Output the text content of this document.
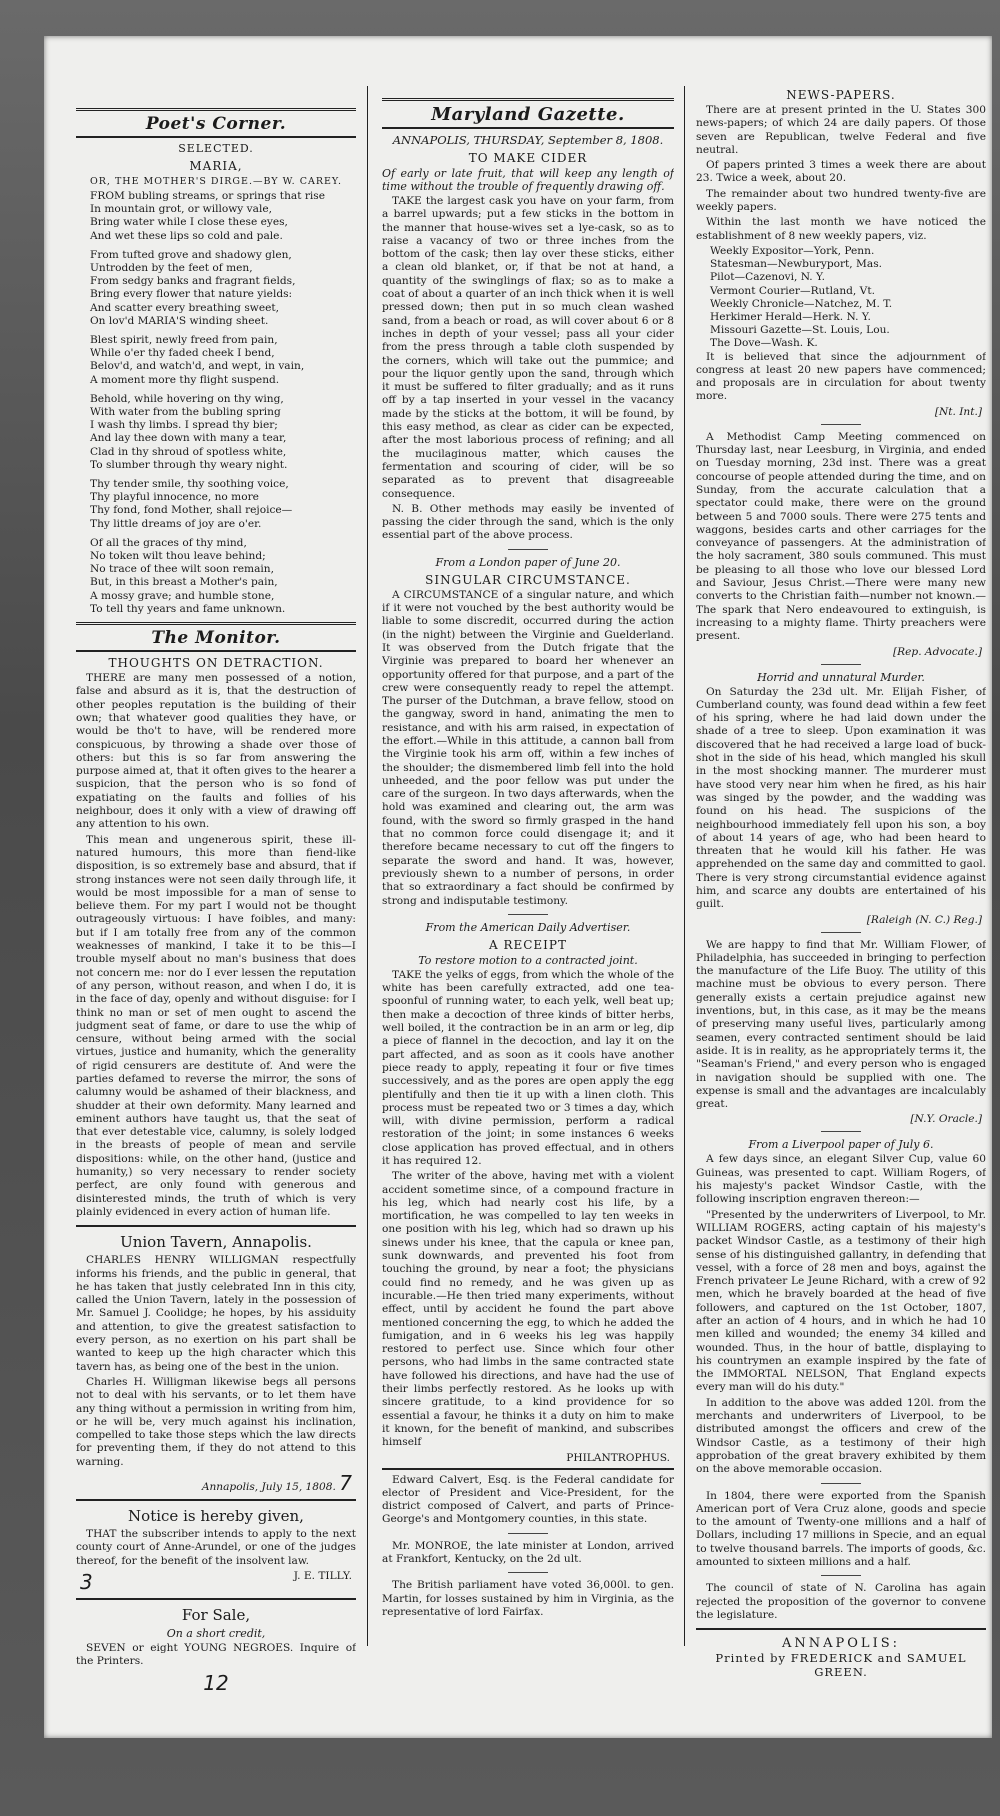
Poet's Corner.
SELECTED.
MARIA,
OR, THE MOTHER'S DIRGE.—BY W. CAREY.

FROM bubling streams, or springs that rise

In mountain grot, or willowy vale,

Bring water while I close these eyes,

And wet these lips so cold and pale.

From tufted grove and shadowy glen,

Untrodden by the feet of men,

From sedgy banks and fragrant fields,

Bring every flower that nature yields:

And scatter every breathing sweet,

On lov'd MARIA'S winding sheet.

Blest spirit, newly freed from pain,

While o'er thy faded cheek I bend,

Belov'd, and watch'd, and wept, in vain,

A moment more thy flight suspend.

Behold, while hovering on thy wing,

With water from the bubling spring

I wash thy limbs. I spread thy bier;

And lay thee down with many a tear,

Clad in thy shroud of spotless white,

To slumber through thy weary night.

Thy tender smile, thy soothing voice,

Thy playful innocence, no more

Thy fond, fond Mother, shall rejoice—

Thy little dreams of joy are o'er.

Of all the graces of thy mind,

No token wilt thou leave behind;

No trace of thee wilt soon remain,

But, in this breast a Mother's pain,

A mossy grave; and humble stone,

To tell thy years and fame unknown.

The Monitor.
THOUGHTS ON DETRACTION.

THERE are many men possessed of a notion, false and absurd as it is, that the destruction of other peoples reputation is the building of their own; that whatever good qualities they have, or would be tho't to have, will be rendered more conspicuous, by throwing a shade over those of others: but this is so far from answering the purpose aimed at, that it often gives to the hearer a suspicion, that the person who is so fond of expatiating on the faults and follies of his neighbour, does it only with a view of drawing off any attention to his own.

This mean and ungenerous spirit, these ill-natured humours, this more than fiend-like disposition, is so extremely base and absurd, that if strong instances were not seen daily through life, it would be most impossible for a man of sense to believe them. For my part I would not be thought outrageously virtuous: I have foibles, and many: but if I am totally free from any of the common weaknesses of mankind, I take it to be this—I trouble myself about no man's business that does not concern me: nor do I ever lessen the reputation of any person, without reason, and when I do, it is in the face of day, openly and without disguise: for I think no man or set of men ought to ascend the judgment seat of fame, or dare to use the whip of censure, without being armed with the social virtues, justice and humanity, which the generality of rigid censurers are destitute of. And were the parties defamed to reverse the mirror, the sons of calumny would be ashamed of their blackness, and shudder at their own deformity. Many learned and eminent authors have taught us, that the seat of that ever detestable vice, calumny, is solely lodged in the breasts of people of mean and servile dispositions: while, on the other hand, (justice and humanity,) so very necessary to render society perfect, are only found with generous and disinterested minds, the truth of which is very plainly evidenced in every action of human life.

Union Tavern, Annapolis.

CHARLES HENRY WILLIGMAN respectfully informs his friends, and the public in general, that he has taken that justly celebrated Inn in this city, called the Union Tavern, lately in the possession of Mr. Samuel J. Coolidge; he hopes, by his assiduity and attention, to give the greatest satisfaction to every person, as no exertion on his part shall be wanted to keep up the high character which this tavern has, as being one of the best in the union.

Charles H. Willigman likewise begs all persons not to deal with his servants, or to let them have any thing without a permission in writing from him, or he will be, very much against his inclination, compelled to take those steps which the law directs for preventing them, if they do not attend to this warning.

Annapolis, July 15, 1808. 7
Notice is hereby given,

THAT the subscriber intends to apply to the next county court of Anne-Arundel, or one of the judges thereof, for the benefit of the insolvent law.

3	J. E. TILLY.
For Sale,
On a short credit,

SEVEN or eight YOUNG NEGROES. Inquire of the Printers.

12
Maryland Gazette.
ANNAPOLIS, THURSDAY, September 8, 1808.
TO MAKE CIDER
Of early or late fruit, that will keep any length of time without the trouble of frequently drawing off.

TAKE the largest cask you have on your farm, from a barrel upwards; put a few sticks in the bottom in the manner that house-wives set a lye-cask, so as to raise a vacancy of two or three inches from the bottom of the cask; then lay over these sticks, either a clean old blanket, or, if that be not at hand, a quantity of the swinglings of flax; so as to make a coat of about a quarter of an inch thick when it is well pressed down; then put in so much clean washed sand, from a beach or road, as will cover about 6 or 8 inches in depth of your vessel; pass all your cider from the press through a table cloth suspended by the corners, which will take out the pummice; and pour the liquor gently upon the sand, through which it must be suffered to filter gradually; and as it runs off by a tap inserted in your vessel in the vacancy made by the sticks at the bottom, it will be found, by this easy method, as clear as cider can be expected, after the most laborious process of refining; and all the mucilaginous matter, which causes the fermentation and scouring of cider, will be so separated as to prevent that disagreeable consequence.

N. B. Other methods may easily be invented of passing the cider through the sand, which is the only essential part of the above process.

From a London paper of June 20.
SINGULAR CIRCUMSTANCE.

A CIRCUMSTANCE of a singular nature, and which if it were not vouched by the best authority would be liable to some discredit, occurred during the action (in the night) between the Virginie and Guelderland. It was observed from the Dutch frigate that the Virginie was prepared to board her whenever an opportunity offered for that purpose, and a part of the crew were consequently ready to repel the attempt. The purser of the Dutchman, a brave fellow, stood on the gangway, sword in hand, animating the men to resistance, and with his arm raised, in expectation of the effort.—While in this attitude, a cannon ball from the Virginie took his arm off, within a few inches of the shoulder; the dismembered limb fell into the hold unheeded, and the poor fellow was put under the care of the surgeon. In two days afterwards, when the hold was examined and clearing out, the arm was found, with the sword so firmly grasped in the hand that no common force could disengage it; and it therefore became necessary to cut off the fingers to separate the sword and hand. It was, however, previously shewn to a number of persons, in order that so extraordinary a fact should be confirmed by strong and indisputable testimony.

From the American Daily Advertiser.
A RECEIPT
To restore motion to a contracted joint.

TAKE the yelks of eggs, from which the whole of the white has been carefully extracted, add one tea-spoonful of running water, to each yelk, well beat up; then make a decoction of three kinds of bitter herbs, well boiled, it the contraction be in an arm or leg, dip a piece of flannel in the decoction, and lay it on the part affected, and as soon as it cools have another piece ready to apply, repeating it four or five times successively, and as the pores are open apply the egg plentifully and then tie it up with a linen cloth. This process must be repeated two or 3 times a day, which will, with divine permission, perform a radical restoration of the joint; in some instances 6 weeks close application has proved effectual, and in others it has required 12.

The writer of the above, having met with a violent accident sometime since, of a compound fracture in his leg, which had nearly cost his life, by a mortification, he was compelled to lay ten weeks in one position with his leg, which had so drawn up his sinews under his knee, that the capula or knee pan, sunk downwards, and prevented his foot from touching the ground, by near a foot; the physicians could find no remedy, and he was given up as incurable.—He then tried many experiments, without effect, until by accident he found the part above mentioned concerning the egg, to which he added the fumigation, and in 6 weeks his leg was happily restored to perfect use. Since which four other persons, who had limbs in the same contracted state have followed his directions, and have had the use of their limbs perfectly restored. As he looks up with sincere gratitude, to a kind providence for so essential a favour, he thinks it a duty on him to make it known, for the benefit of mankind, and subscribes himself

PHILANTROPHUS.

Edward Calvert, Esq. is the Federal candidate for elector of President and Vice-President, for the district composed of Calvert, and parts of Prince-George's and Montgomery counties, in this state.

Mr. MONROE, the late minister at London, arrived at Frankfort, Kentucky, on the 2d ult.

The British parliament have voted 36,000l. to gen. Martin, for losses sustained by him in Virginia, as the representative of lord Fairfax.

NEWS-PAPERS.

There are at present printed in the U. States 300 news-papers; of which 24 are daily papers. Of those seven are Republican, twelve Federal and five neutral.

Of papers printed 3 times a week there are about 23. Twice a week, about 20.

The remainder about two hundred twenty-five are weekly papers.

Within the last month we have noticed the establishment of 8 new weekly papers, viz.

Weekly Expositor—York, Penn.

Statesman—Newburyport, Mas.

Pilot—Cazenovi, N. Y.

Vermont Courier—Rutland, Vt.

Weekly Chronicle—Natchez, M. T.

Herkimer Herald—Herk. N. Y.

Missouri Gazette—St. Louis, Lou.

The Dove—Wash. K.

It is believed that since the adjournment of congress at least 20 new papers have commenced; and proposals are in circulation for about twenty more.

[Nt. Int.]

A Methodist Camp Meeting commenced on Thursday last, near Leesburg, in Virginia, and ended on Tuesday morning, 23d inst. There was a great concourse of people attended during the time, and on Sunday, from the accurate calculation that a spectator could make, there were on the ground between 5 and 7000 souls. There were 275 tents and waggons, besides carts and other carriages for the conveyance of passengers. At the administration of the holy sacrament, 380 souls communed. This must be pleasing to all those who love our blessed Lord and Saviour, Jesus Christ.—There were many new converts to the Christian faith—number not known.—The spark that Nero endeavoured to extinguish, is increasing to a mighty flame. Thirty preachers were present.

[Rep. Advocate.]
Horrid and unnatural Murder.

On Saturday the 23d ult. Mr. Elijah Fisher, of Cumberland county, was found dead within a few feet of his spring, where he had laid down under the shade of a tree to sleep. Upon examination it was discovered that he had received a large load of buck-shot in the side of his head, which mangled his skull in the most shocking manner. The murderer must have stood very near him when he fired, as his hair was singed by the powder, and the wadding was found on his head. The suspicions of the neighbourhood immediately fell upon his son, a boy of about 14 years of age, who had been heard to threaten that he would kill his father. He was apprehended on the same day and committed to gaol. There is very strong circumstantial evidence against him, and scarce any doubts are entertained of his guilt.

[Raleigh (N. C.) Reg.]

We are happy to find that Mr. William Flower, of Philadelphia, has succeeded in bringing to perfection the manufacture of the Life Buoy. The utility of this machine must be obvious to every person. There generally exists a certain prejudice against new inventions, but, in this case, as it may be the means of preserving many useful lives, particularly among seamen, every contracted sentiment should be laid aside. It is in reality, as he appropriately terms it, the "Seaman's Friend," and every person who is engaged in navigation should be supplied with one. The expense is small and the advantages are incalculably great.

[N.Y. Oracle.]
From a Liverpool paper of July 6.

A few days since, an elegant Silver Cup, value 60 Guineas, was presented to capt. William Rogers, of his majesty's packet Windsor Castle, with the following inscription engraven thereon:—

"Presented by the underwriters of Liverpool, to Mr. WILLIAM ROGERS, acting captain of his majesty's packet Windsor Castle, as a testimony of their high sense of his distinguished gallantry, in defending that vessel, with a force of 28 men and boys, against the French privateer Le Jeune Richard, with a crew of 92 men, which he bravely boarded at the head of five followers, and captured on the 1st October, 1807, after an action of 4 hours, and in which he had 10 men killed and wounded; the enemy 34 killed and wounded. Thus, in the hour of battle, displaying to his countrymen an example inspired by the fate of the IMMORTAL NELSON, That England expects every man will do his duty."

In addition to the above was added 120l. from the merchants and underwriters of Liverpool, to be distributed amongst the officers and crew of the Windsor Castle, as a testimony of their high approbation of the great bravery exhibited by them on the above memorable occasion.

In 1804, there were exported from the Spanish American port of Vera Cruz alone, goods and specie to the amount of Twenty-one millions and a half of Dollars, including 17 millions in Specie, and an equal to twelve thousand barrels. The imports of goods, &c. amounted to sixteen millions and a half.

The council of state of N. Carolina has again rejected the proposition of the governor to convene the legislature.

ANNAPOLIS:
Printed by FREDERICK and SAMUEL GREEN.
